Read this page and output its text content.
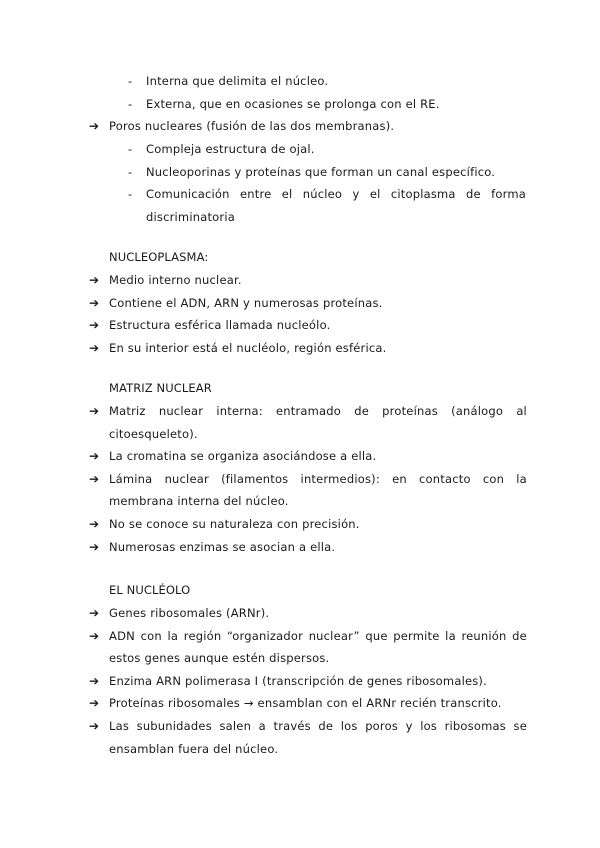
- Interna que delimita el núcleo.
- Externa, que en ocasiones se prolonga con el RE.
➔ Poros nucleares (fusión de las dos membranas).
- Compleja estructura de ojal.
- Nucleoporinas y proteínas que forman un canal específico.
- Comunicación entre el núcleo y el citoplasma de forma
discriminatoria
NUCLEOPLASMA:
➔ Medio interno nuclear.
➔ Contiene el ADN, ARN y numerosas proteínas.
➔ Estructura esférica llamada nucleólo.
➔ En su interior está el nucléolo, región esférica.
MATRIZ NUCLEAR
➔ Matriz nuclear interna: entramado de proteínas (análogo al
citoesqueleto).
➔ La cromatina se organiza asociándose a ella.
➔ Lámina nuclear (filamentos intermedios): en contacto con la
membrana interna del núcleo.
➔ No se conoce su naturaleza con precisión.
➔ Numerosas enzimas se asocian a ella.
EL NUCLÉOLO
➔ Genes ribosomales (ARNr).
➔ ADN con la región “organizador nuclear” que permite la reunión de
estos genes aunque estén dispersos.
➔ Enzima ARN polimerasa I (transcripción de genes ribosomales).
➔ Proteínas ribosomales → ensamblan con el ARNr recién transcrito.
➔ Las subunidades salen a través de los poros y los ribosomas se
ensamblan fuera del núcleo.
